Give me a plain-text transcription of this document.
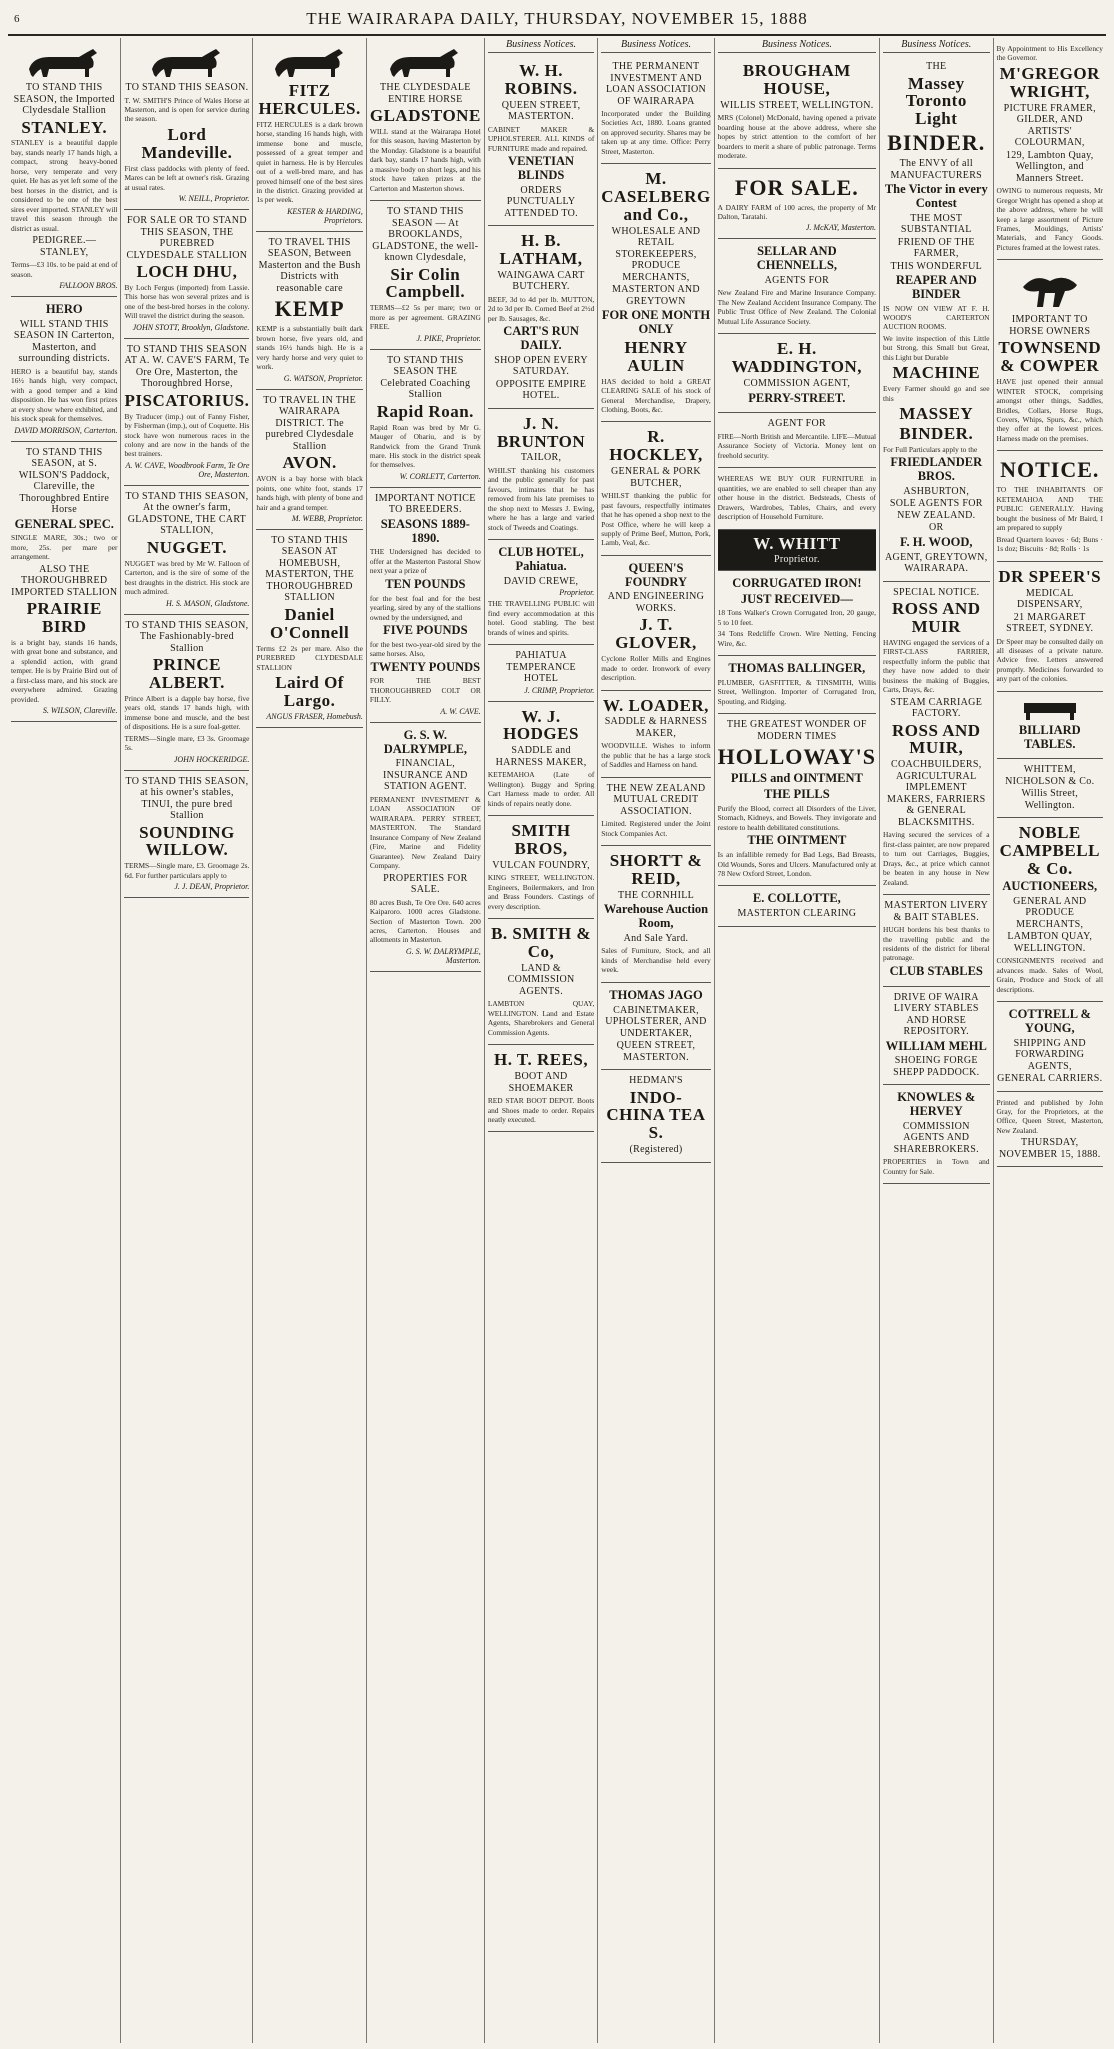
6	THE WAIRARAPA DAILY, THURSDAY, NOVEMBER 15, 1888
TO STAND THIS SEASON, the Imported Clydesdale Stallion
STANLEY.
STANLEY is a beautiful dapple bay, stands nearly 17 hands high, a compact, strong heavy-boned horse, very temperate and very quiet. He has as yet left some of the best horses in the district, and is considered to be one of the best sires ever imported. STANLEY will travel this season through the district as usual.
PEDIGREE.—STANLEY,
Terms—£3 10s. to be paid at end of season.
FALLOON BROS.
HERO
WILL STAND THIS SEASON IN Carterton, Masterton, and surrounding districts.
HERO is a beautiful bay, stands 16½ hands high, very compact, with a good temper and a kind disposition. He has won first prizes at every show where exhibited, and his stock speak for themselves.
DAVID MORRISON, Carterton.
TO STAND THIS SEASON, at S. WILSON'S Paddock, Clareville, the Thoroughbred Entire Horse
GENERAL SPEC.
SINGLE MARE, 30s.; two or more, 25s. per mare per arrangement.
ALSO THE THOROUGHBRED IMPORTED STALLION
PRAIRIE BIRD
is a bright bay, stands 16 hands, with great bone and substance, and a splendid action, with grand temper. He is by Prairie Bird out of a first-class mare, and his stock are everywhere admired. Grazing provided.
S. WILSON, Clareville.
TO STAND THIS SEASON.
T. W. SMITH'S Prince of Wales Horse at Masterton, and is open for service during the season.
Lord Mandeville.
First class paddocks with plenty of feed. Mares can be left at owner's risk. Grazing at usual rates.
W. NEILL, Proprietor.
FOR SALE OR TO STAND THIS SEASON, THE PUREBRED CLYDESDALE STALLION
LOCH DHU,
By Loch Fergus (imported) from Lassie. This horse has won several prizes and is one of the best-bred horses in the colony. Will travel the district during the season.
JOHN STOTT, Brooklyn, Gladstone.
TO STAND THIS SEASON AT A. W. CAVE'S FARM, Te Ore Ore, Masterton, the Thoroughbred Horse,
PISCATORIUS.
By Traducer (imp.) out of Fanny Fisher, by Fisherman (imp.), out of Coquette. His stock have won numerous races in the colony and are now in the hands of the best trainers.
A. W. CAVE, Woodbrook Farm, Te Ore Ore, Masterton.
TO STAND THIS SEASON, At the owner's farm, GLADSTONE, THE CART STALLION,
NUGGET.
NUGGET was bred by Mr W. Falloon of Carterton, and is the sire of some of the best draughts in the district. His stock are much admired.
H. S. MASON, Gladstone.
TO STAND THIS SEASON, The Fashionably-bred Stallion
PRINCE ALBERT.
Prince Albert is a dapple bay horse, five years old, stands 17 hands high, with immense bone and muscle, and the best of dispositions. He is a sure foal-getter.
TERMS—Single mare, £3 3s. Groomage 5s.
JOHN HOCKERIDGE.
TO STAND THIS SEASON, at his owner's stables, TINUI, the pure bred Stallion
SOUNDING WILLOW.
TERMS—Single mare, £3. Groomage 2s. 6d. For further particulars apply to
J. J. DEAN, Proprietor.
FITZ HERCULES.
FITZ HERCULES is a dark brown horse, standing 16 hands high, with immense bone and muscle, possessed of a great temper and quiet in harness. He is by Hercules out of a well-bred mare, and has proved himself one of the best sires in the district. Grazing provided at 1s per week.
KESTER & HARDING, Proprietors.
TO TRAVEL THIS SEASON, Between Masterton and the Bush Districts with reasonable care
KEMP
KEMP is a substantially built dark brown horse, five years old, and stands 16½ hands high. He is a very hardy horse and very quiet to work.
G. WATSON, Proprietor.
TO TRAVEL IN THE WAIRARAPA DISTRICT. The purebred Clydesdale Stallion
AVON.
AVON is a bay horse with black points, one white foot, stands 17 hands high, with plenty of bone and hair and a grand temper.
M. WEBB, Proprietor.
TO STAND THIS SEASON AT HOMEBUSH, MASTERTON, THE THOROUGHBRED STALLION
Daniel O'Connell
Terms £2 2s per mare. Also the PUREBRED CLYDESDALE STALLION
Laird Of Largo.
ANGUS FRASER, Homebush.
THE CLYDESDALE ENTIRE HORSE
GLADSTONE
WILL stand at the Wairarapa Hotel for this season, having Masterton by the Monday. Gladstone is a beautiful dark bay, stands 17 hands high, with a massive body on short legs, and his stock have taken prizes at the Carterton and Masterton shows.
TO STAND THIS SEASON — At BROOKLANDS, GLADSTONE, the well-known Clydesdale,
Sir Colin Campbell.
TERMS—£2 5s per mare; two or more as per agreement. GRAZING FREE.
J. PIKE, Proprietor.
TO STAND THIS SEASON THE Celebrated Coaching Stallion
Rapid Roan.
Rapid Roan was bred by Mr G. Mauger of Ohariu, and is by Randwick from the Grand Trunk mare. His stock in the district speak for themselves.
W. CORLETT, Carterton.
IMPORTANT NOTICE TO BREEDERS.
SEASONS 1889-1890.
THE Undersigned has decided to offer at the Masterton Pastoral Show next year a prize of
TEN POUNDS
for the best foal and for the best yearling, sired by any of the stallions owned by the undersigned, and
FIVE POUNDS
for the best two-year-old sired by the same horses. Also,
TWENTY POUNDS
FOR THE BEST THOROUGHBRED COLT OR FILLY.
A. W. CAVE.
G. S. W. DALRYMPLE,
FINANCIAL, INSURANCE AND STATION AGENT.
PERMANENT INVESTMENT & LOAN ASSOCIATION OF WAIRARAPA. PERRY STREET, MASTERTON. The Standard Insurance Company of New Zealand (Fire, Marine and Fidelity Guarantee). New Zealand Dairy Company.
PROPERTIES FOR SALE.
80 acres Bush, Te Ore Ore. 640 acres Kaiparoro. 1000 acres Gladstone. Section of Masterton Town. 200 acres, Carterton. Houses and allotments in Masterton.
G. S. W. DALRYMPLE, Masterton.
Business Notices.
W. H. ROBINS.
QUEEN STREET, MASTERTON.
CABINET MAKER & UPHOLSTERER. ALL KINDS of FURNITURE made and repaired.
VENETIAN BLINDS
ORDERS PUNCTUALLY ATTENDED TO.
H. B. LATHAM,
WAINGAWA CART BUTCHERY.
BEEF, 3d to 4d per lb. MUTTON, 2d to 3d per lb. Corned Beef at 2½d per lb. Sausages, &c.
CART'S RUN DAILY.
SHOP OPEN EVERY SATURDAY.
OPPOSITE EMPIRE HOTEL.
J. N. BRUNTON
TAILOR,
WHILST thanking his customers and the public generally for past favours, intimates that he has removed from his late premises to the shop next to Messrs J. Ewing, where he has a large and varied stock of Tweeds and Coatings.
CLUB HOTEL, Pahiatua.
DAVID CREWE,
Proprietor.
THE TRAVELLING PUBLIC will find every accommodation at this hotel. Good stabling. The best brands of wines and spirits.
PAHIATUA TEMPERANCE HOTEL
J. CRIMP, Proprietor.
W. J. HODGES
SADDLE and HARNESS MAKER,
KETEMAHOA (Late of Wellington). Buggy and Spring Cart Harness made to order. All kinds of repairs neatly done.
SMITH BROS,
VULCAN FOUNDRY,
KING STREET, WELLINGTON. Engineers, Boilermakers, and Iron and Brass Founders. Castings of every description.
B. SMITH & Co,
LAND & COMMISSION AGENTS.
LAMBTON QUAY, WELLINGTON. Land and Estate Agents, Sharebrokers and General Commission Agents.
H. T. REES,
BOOT AND SHOEMAKER
RED STAR BOOT DEPOT. Boots and Shoes made to order. Repairs neatly executed.
Business Notices.
THE PERMANENT INVESTMENT AND LOAN ASSOCIATION OF WAIRARAPA
Incorporated under the Building Societies Act, 1880. Loans granted on approved security. Shares may be taken up at any time. Office: Perry Street, Masterton.
M. CASELBERG and Co.,
WHOLESALE AND RETAIL STOREKEEPERS, PRODUCE MERCHANTS,
MASTERTON AND GREYTOWN
FOR ONE MONTH ONLY
HENRY AULIN
HAS decided to hold a GREAT CLEARING SALE of his stock of General Merchandise, Drapery, Clothing, Boots, &c.
R. HOCKLEY,
GENERAL & PORK BUTCHER,
WHILST thanking the public for past favours, respectfully intimates that he has opened a shop next to the Post Office, where he will keep a supply of Prime Beef, Mutton, Pork, Lamb, Veal, &c.
QUEEN'S FOUNDRY
AND ENGINEERING WORKS.
J. T. GLOVER,
Cyclone Roller Mills and Engines made to order. Ironwork of every description.
W. LOADER,
SADDLE & HARNESS MAKER,
WOODVILLE. Wishes to inform the public that he has a large stock of Saddles and Harness on hand.
THE NEW ZEALAND MUTUAL CREDIT ASSOCIATION.
Limited. Registered under the Joint Stock Companies Act.
SHORTT & REID,
THE CORNHILL
Warehouse Auction Room,
And Sale Yard.
Sales of Furniture, Stock, and all kinds of Merchandise held every week.
THOMAS JAGO
CABINETMAKER, UPHOLSTERER, AND UNDERTAKER,
QUEEN STREET, MASTERTON.
HEDMAN'S
INDO-CHINA TEA S.
(Registered)
Business Notices.
BROUGHAM HOUSE,
WILLIS STREET, WELLINGTON.
MRS (Colonel) McDonald, having opened a private boarding house at the above address, where she hopes by strict attention to the comfort of her boarders to merit a share of public patronage. Terms moderate.
FOR SALE.
A DAIRY FARM of 100 acres, the property of Mr Dalton, Taratahi.
J. McKAY, Masterton.
SELLAR AND CHENNELLS,
AGENTS FOR
New Zealand Fire and Marine Insurance Company. The New Zealand Accident Insurance Company. The Public Trust Office of New Zealand. The Colonial Mutual Life Assurance Society.
E. H. WADDINGTON,
COMMISSION AGENT,
PERRY-STREET.
AGENT FOR
FIRE—North British and Mercantile. LIFE—Mutual Assurance Society of Victoria. Money lent on freehold security.
WHEREAS WE BUY OUR FURNITURE in quantities, we are enabled to sell cheaper than any other house in the district. Bedsteads, Chests of Drawers, Wardrobes, Tables, Chairs, and every description of Household Furniture.
W. WHITT
Proprietor.
CORRUGATED IRON!
JUST RECEIVED—
18 Tons Walker's Crown Corrugated Iron, 20 gauge, 5 to 10 feet.
34 Tons Redcliffe Crown. Wire Netting, Fencing Wire, &c.
THOMAS BALLINGER,
PLUMBER, GASFITTER, & TINSMITH, Willis Street, Wellington. Importer of Corrugated Iron, Spouting, and Ridging.
THE GREATEST WONDER OF MODERN TIMES
HOLLOWAY'S
PILLS and OINTMENT
THE PILLS
Purify the Blood, correct all Disorders of the Liver, Stomach, Kidneys, and Bowels. They invigorate and restore to health debilitated constitutions.
THE OINTMENT
Is an infallible remedy for Bad Legs, Bad Breasts, Old Wounds, Sores and Ulcers. Manufactured only at 78 New Oxford Street, London.
E. COLLOTTE,
MASTERTON CLEARING
Business Notices.
THE
Massey Toronto Light
BINDER.
The ENVY of all MANUFACTURERS
The Victor in every Contest
THE MOST SUBSTANTIAL
FRIEND OF THE FARMER,
THIS WONDERFUL
REAPER AND BINDER
IS NOW ON VIEW AT F. H. WOOD'S CARTERTON AUCTION ROOMS.
We invite inspection of this Little but Strong, this Small but Great, this Light but Durable
MACHINE
Every Farmer should go and see this
MASSEY
BINDER.
For Full Particulars apply to the
FRIEDLANDER BROS.
ASHBURTON,
SOLE AGENTS FOR NEW ZEALAND.
OR
F. H. WOOD,
AGENT, GREYTOWN, WAIRARAPA.
SPECIAL NOTICE.
ROSS AND MUIR
HAVING engaged the services of a FIRST-CLASS FARRIER, respectfully inform the public that they have now added to their business the making of Buggies, Carts, Drays, &c.
STEAM CARRIAGE FACTORY.
ROSS AND MUIR,
COACHBUILDERS, AGRICULTURAL IMPLEMENT MAKERS, FARRIERS & GENERAL BLACKSMITHS.
Having secured the services of a first-class painter, are now prepared to turn out Carriages, Buggies, Drays, &c., at price which cannot be beaten in any house in New Zealand.
MASTERTON LIVERY & BAIT STABLES.
HUGH bordens his best thanks to the travelling public and the residents of the district for liberal patronage.
CLUB STABLES
DRIVE OF WAIRA LIVERY STABLES AND HORSE REPOSITORY.
WILLIAM MEHL
SHOEING FORGE SHEPP PADDOCK.
KNOWLES & HERVEY
COMMISSION AGENTS AND SHAREBROKERS.
PROPERTIES in Town and Country for Sale.
By Appointment to His Excellency the Governor.
M'GREGOR WRIGHT,
PICTURE FRAMER, GILDER, AND ARTISTS' COLOURMAN,
129, Lambton Quay, Wellington, and Manners Street.
OWING to numerous requests, Mr Gregor Wright has opened a shop at the above address, where he will keep a large assortment of Picture Frames, Mouldings, Artists' Materials, and Fancy Goods. Pictures framed at the lowest rates.
IMPORTANT TO HORSE OWNERS
TOWNSEND & COWPER
HAVE just opened their annual WINTER STOCK, comprising amongst other things, Saddles, Bridles, Collars, Horse Rugs, Covers, Whips, Spurs, &c., which they offer at the lowest prices. Harness made on the premises.
NOTICE.
TO THE INHABITANTS OF KETEMAHOA AND THE PUBLIC GENERALLY. Having bought the business of Mr Baird, I am prepared to supply
Bread Quartern loaves · 6d; Buns · 1s doz; Biscuits · 8d; Rolls · 1s
DR SPEER'S
MEDICAL DISPENSARY,
21 MARGARET STREET, SYDNEY.
Dr Speer may be consulted daily on all diseases of a private nature. Advice free. Letters answered promptly. Medicines forwarded to any part of the colonies.
BILLIARD TABLES.
WHITTEM, NICHOLSON & Co.
Willis Street, Wellington.
NOBLE CAMPBELL & Co.
AUCTIONEERS,
GENERAL AND PRODUCE MERCHANTS,
LAMBTON QUAY, WELLINGTON.
CONSIGNMENTS received and advances made. Sales of Wool, Grain, Produce and Stock of all descriptions.
COTTRELL & YOUNG,
SHIPPING AND FORWARDING AGENTS,
GENERAL CARRIERS.
Printed and published by John Gray, for the Proprietors, at the Office, Queen Street, Masterton, New Zealand.
THURSDAY, NOVEMBER 15, 1888.
